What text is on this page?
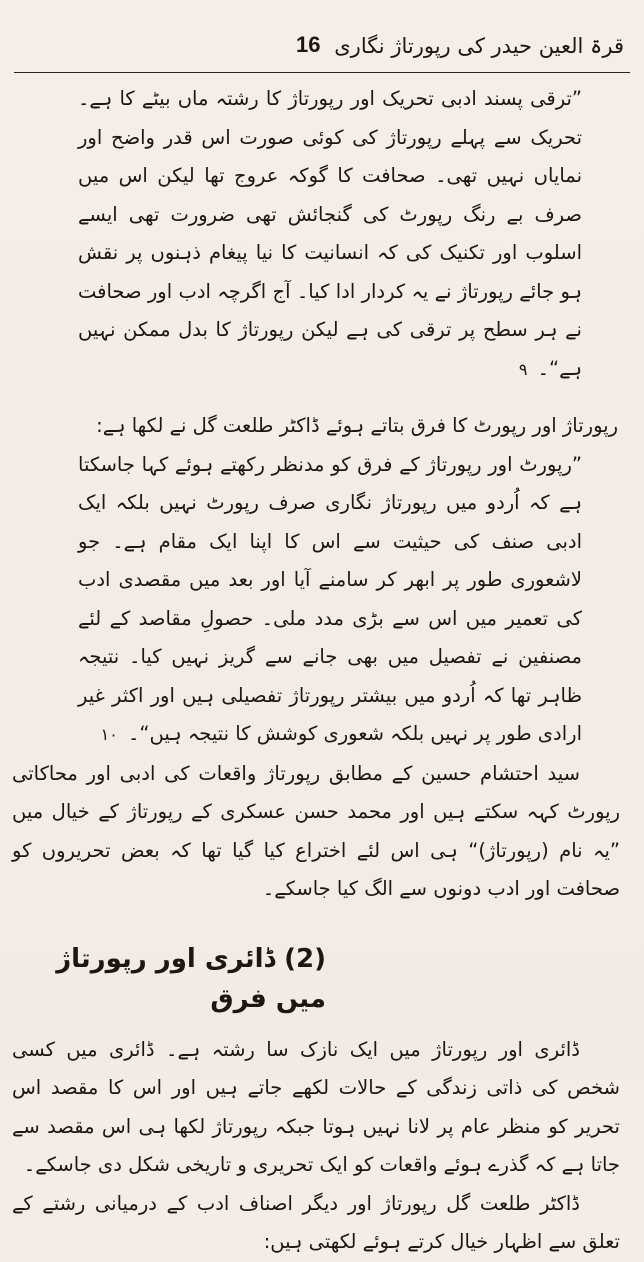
قرۃ العین حیدر کی رپورتاژ نگاری
16

”ترقی پسند ادبی تحریک اور رپورتاژ کا رشتہ ماں بیٹے کا ہے۔ تحریک سے پہلے رپورتاژ کی کوئی صورت اس قدر واضح اور نمایاں نہیں تھی۔ صحافت کا گوکہ عروج تھا لیکن اس میں صرف بے رنگ رپورٹ کی گنجائش تھی ضرورت تھی ایسے اسلوب اور تکنیک کی کہ انسانیت کا نیا پیغام ذہنوں پر نقش ہو جائے رپورتاژ نے یہ کردار ادا کیا۔ آج اگرچہ ادب اور صحافت نے ہر سطح پر ترقی کی ہے لیکن رپورتاژ کا بدل ممکن نہیں ہے“۔ ۹

رپورتاژ اور رپورٹ کا فرق بتاتے ہوئے ڈاکٹر طلعت گل نے لکھا ہے:

”رپورٹ اور رپورتاژ کے فرق کو مدنظر رکھتے ہوئے کہا جاسکتا ہے کہ اُردو میں رپورتاژ نگاری صرف رپورٹ نہیں بلکہ ایک ادبی صنف کی حیثیت سے اس کا اپنا ایک مقام ہے۔ جو لاشعوری طور پر ابھر کر سامنے آیا اور بعد میں مقصدی ادب کی تعمیر میں اس سے بڑی مدد ملی۔ حصولِ مقاصد کے لئے مصنفین نے تفصیل میں بھی جانے سے گریز نہیں کیا۔ نتیجہ ظاہر تھا کہ اُردو میں بیشتر رپورتاژ تفصیلی ہیں اور اکثر غیر ارادی طور پر نہیں بلکہ شعوری کوشش کا نتیجہ ہیں“۔ ۱۰

سید احتشام حسین کے مطابق رپورتاژ واقعات کی ادبی اور محاکاتی رپورٹ کہہ سکتے ہیں اور محمد حسن عسکری کے رپورتاژ کے خیال میں ”یہ نام (رپورتاژ)“ ہی اس لئے اختراع کیا گیا تھا کہ بعض تحریروں کو صحافت اور ادب دونوں سے الگ کیا جاسکے۔

(2) ڈائری اور رپورتاژ میں فرق

ڈائری اور رپورتاژ میں ایک نازک سا رشتہ ہے۔ ڈائری میں کسی شخص کی ذاتی زندگی کے حالات لکھے جاتے ہیں اور اس کا مقصد اس تحریر کو منظر عام پر لانا نہیں ہوتا جبکہ رپورتاژ لکھا ہی اس مقصد سے جاتا ہے کہ گذرے ہوئے واقعات کو ایک تحریری و تاریخی شکل دی جاسکے۔

ڈاکٹر طلعت گل رپورتاژ اور دیگر اصناف ادب کے درمیانی رشتے کے تعلق سے اظہار خیال کرتے ہوئے لکھتی ہیں:
